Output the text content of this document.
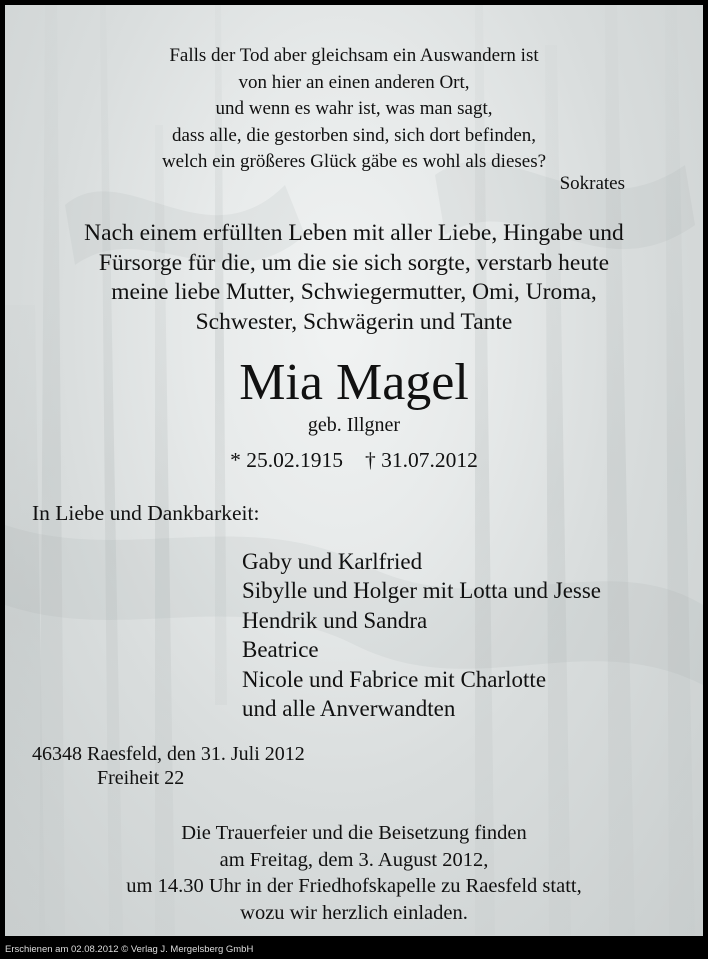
Falls der Tod aber gleichsam ein Auswandern ist
von hier an einen anderen Ort,
und wenn es wahr ist, was man sagt,
dass alle, die gestorben sind, sich dort befinden,
welch ein größeres Glück gäbe es wohl als dieses?
Sokrates
Nach einem erfüllten Leben mit aller Liebe, Hingabe und
Fürsorge für die, um die sie sich sorgte, verstarb heute
meine liebe Mutter, Schwiegermutter, Omi, Uroma,
Schwester, Schwägerin und Tante
Mia Magel
geb. Illgner
* 25.02.1915 † 31.07.2012
In Liebe und Dankbarkeit:
Gaby und Karlfried
Sibylle und Holger mit Lotta und Jesse
Hendrik und Sandra
Beatrice
Nicole und Fabrice mit Charlotte
und alle Anverwandten
46348 Raesfeld, den 31. Juli 2012
Freiheit 22
Die Trauerfeier und die Beisetzung finden
am Freitag, dem 3. August 2012,
um 14.30 Uhr in der Friedhofskapelle zu Raesfeld statt,
wozu wir herzlich einladen.
Erschienen am 02.08.2012 © Verlag J. Mergelsberg GmbH
